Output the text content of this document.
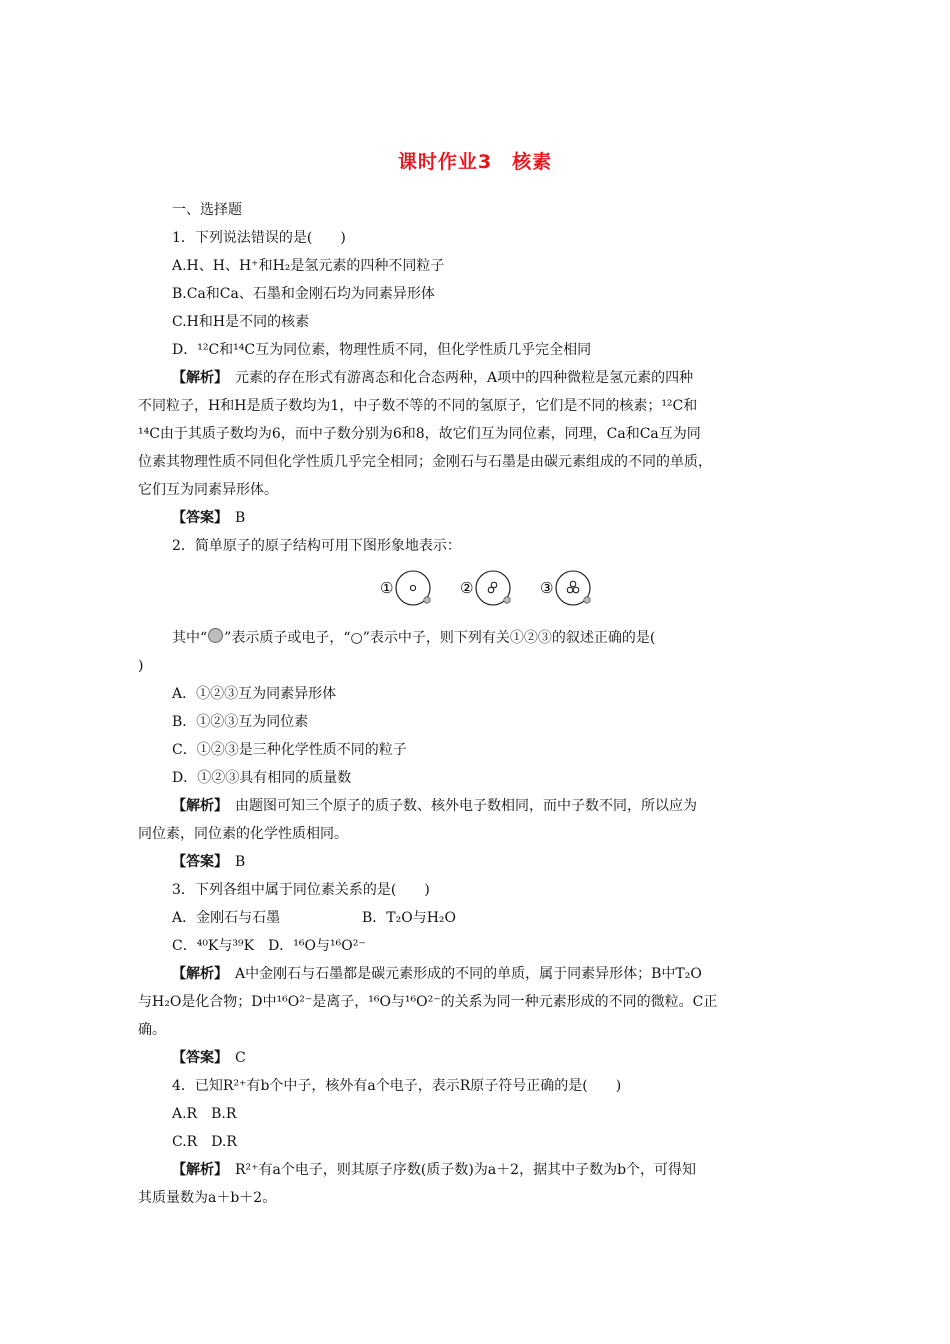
课时作业3　核素
一、选择题
1．下列说法错误的是(　　)
A.H、H、H⁺和H₂是氢元素的四种不同粒子
B.Ca和Ca、石墨和金刚石均为同素异形体
C.H和H是不同的核素
D．¹²C和¹⁴C互为同位素，物理性质不同，但化学性质几乎完全相同
【解析】　元素的存在形式有游离态和化合态两种，A项中的四种微粒是氢元素的四种
不同粒子，H和H是质子数均为1，中子数不等的不同的氢原子，它们是不同的核素；¹²C和
¹⁴C由于其质子数均为6，而中子数分别为6和8，故它们互为同位素，同理，Ca和Ca互为同
位素其物理性质不同但化学性质几乎完全相同；金刚石与石墨是由碳元素组成的不同的单质，
它们互为同素异形体。
【答案】　B
2．简单原子的原子结构可用下图形象地表示：
①	②	③
其中“ ”表示质子或电子，“○”表示中子，则下列有关①②③的叙述正确的是(
)
A．①②③互为同素异形体
B．①②③互为同位素
C．①②③是三种化学性质不同的粒子
D．①②③具有相同的质量数
【解析】　由题图可知三个原子的质子数、核外电子数相同，而中子数不同，所以应为
同位素，同位素的化学性质相同。
【答案】　B
3．下列各组中属于同位素关系的是(　　)
A．金刚石与石墨	B．T₂O与H₂O
C．⁴⁰K与³⁹K　D．¹⁶O与¹⁶O²⁻
【解析】　A中金刚石与石墨都是碳元素形成的不同的单质，属于同素异形体；B中T₂O
与H₂O是化合物；D中¹⁶O²⁻是离子，¹⁶O与¹⁶O²⁻的关系为同一种元素形成的不同的微粒。C正
确。
【答案】　C
4．已知R²⁺有b个中子，核外有a个电子，表示R原子符号正确的是(　　)
A.R　B.R
C.R　D.R
【解析】　R²⁺有a个电子，则其原子序数(质子数)为a＋2，据其中子数为b个，可得知
其质量数为a＋b＋2。
